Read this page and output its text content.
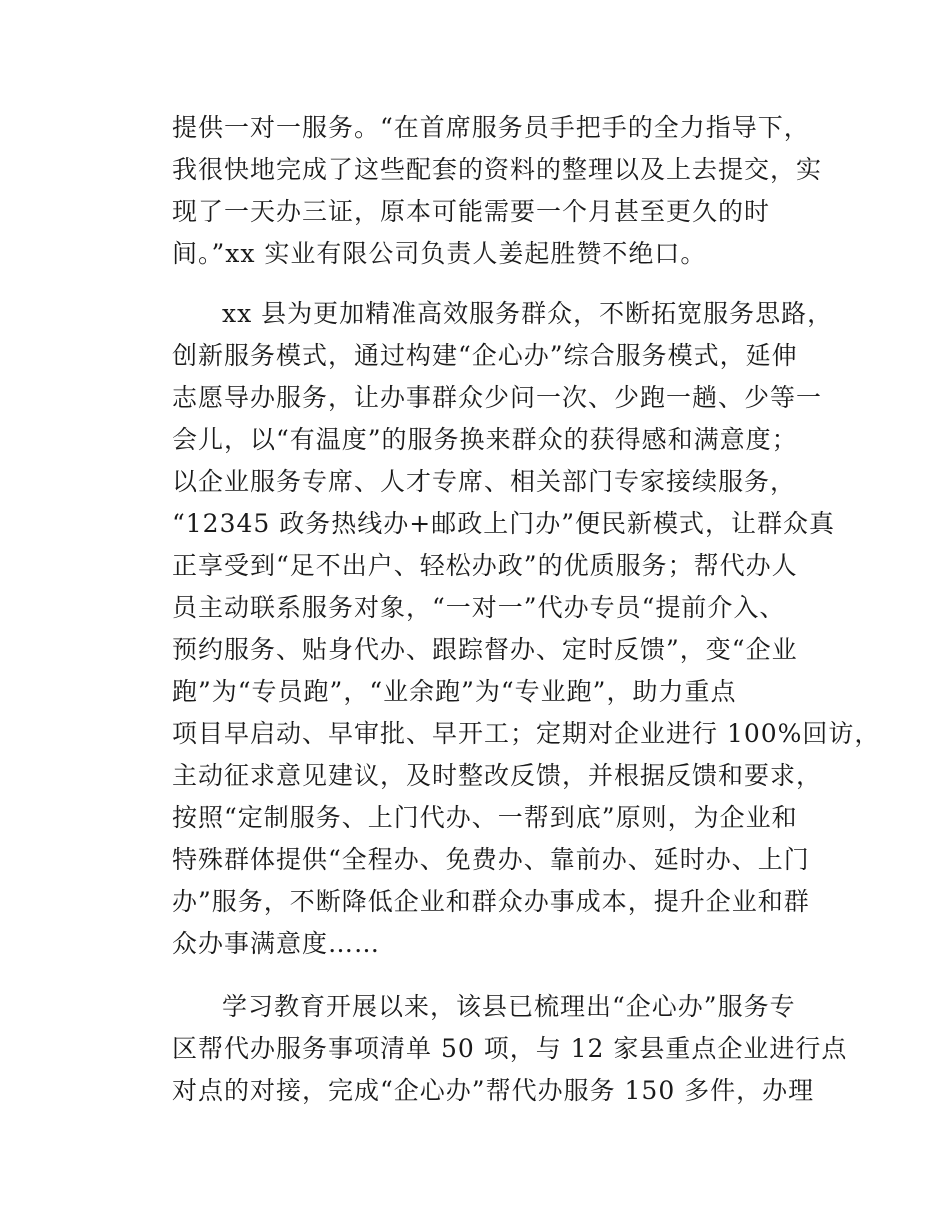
提供一对一服务。“在首席服务员手把手的全力指导下，
我很快地完成了这些配套的资料的整理以及上去提交，实
现了一天办三证，原本可能需要一个月甚至更久的时
间。”xx 实业有限公司负责人姜起胜赞不绝口。
xx 县为更加精准高效服务群众，不断拓宽服务思路，
创新服务模式，通过构建“企心办”综合服务模式，延伸
志愿导办服务，让办事群众少问一次、少跑一趟、少等一
会儿，以“有温度”的服务换来群众的获得感和满意度；
以企业服务专席、人才专席、相关部门专家接续服务，
“12345 政务热线办+邮政上门办”便民新模式，让群众真
正享受到“足不出户、轻松办政”的优质服务；帮代办人
员主动联系服务对象，“一对一”代办专员“提前介入、
预约服务、贴身代办、跟踪督办、定时反馈”，变“企业
跑”为“专员跑”，“业余跑”为“专业跑”，助力重点
项目早启动、早审批、早开工；定期对企业进行 100%回访，
主动征求意见建议，及时整改反馈，并根据反馈和要求，
按照“定制服务、上门代办、一帮到底”原则，为企业和
特殊群体提供“全程办、免费办、靠前办、延时办、上门
办”服务，不断降低企业和群众办事成本，提升企业和群
众办事满意度……
学习教育开展以来，该县已梳理出“企心办”服务专
区帮代办服务事项清单 50 项，与 12 家县重点企业进行点
对点的对接，完成“企心办”帮代办服务 150 多件，办理
